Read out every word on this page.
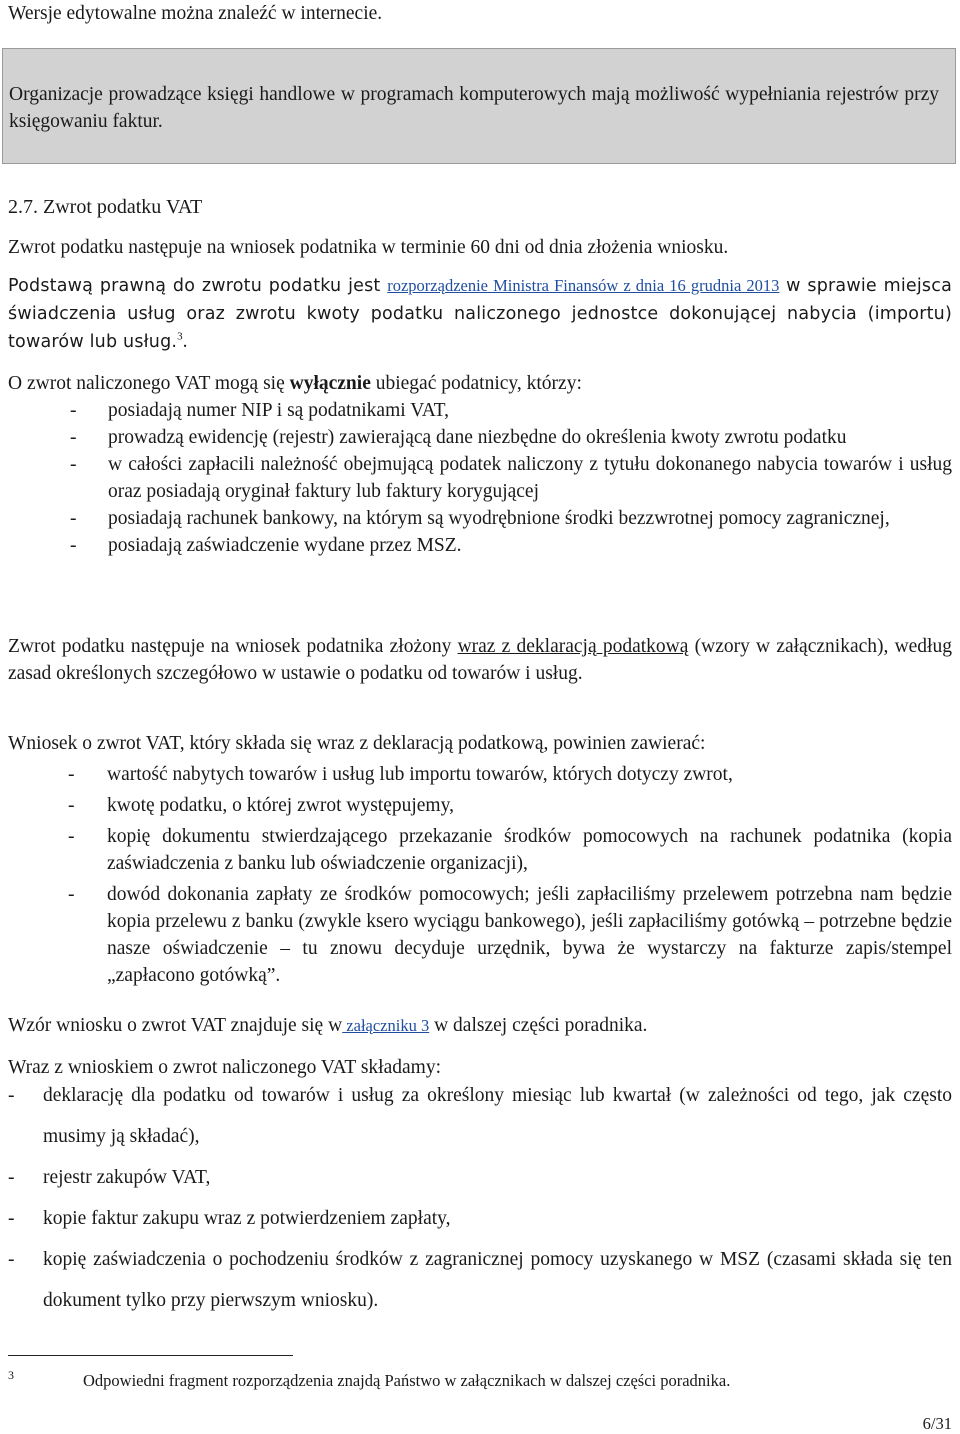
Wersje edytowalne można znaleźć w internecie.

Organizacje prowadzące księgi handlowe w programach komputerowych mają możliwość wypełniania rejestrów przy księgowaniu faktur.

2.7. Zwrot podatku VAT

Zwrot podatku następuje na wniosek podatnika w terminie 60 dni od dnia złożenia wniosku.

Podstawą prawną do zwrotu podatku jest rozporządzenie Ministra Finansów z dnia 16 grudnia 2013 w sprawie miejsca świadczenia usług oraz zwrotu kwoty podatku naliczonego jednostce dokonującej nabycia (importu) towarów lub usług.$^3$.

O zwrot naliczonego VAT mogą się wyłącznie ubiegać podatnicy, którzy:

- posiadają numer NIP i są podatnikami VAT,
- prowadzą ewidencję (rejestr) zawierającą dane niezbędne do określenia kwoty zwrotu podatku
- w całości zapłacili należność obejmującą podatek naliczony z tytułu dokonanego nabycia towarów i usług oraz posiadają oryginał faktury lub faktury korygującej
- posiadają rachunek bankowy, na którym są wyodrębnione środki bezzwrotnej pomocy zagranicznej,
- posiadają zaświadczenie wydane przez MSZ.

Zwrot podatku następuje na wniosek podatnika złożony wraz z deklaracją podatkową (wzory w załącznikach), według zasad określonych szczegółowo w ustawie o podatku od towarów i usług.

Wniosek o zwrot VAT, który składa się wraz z deklaracją podatkową, powinien zawierać:

- wartość nabytych towarów i usług lub importu towarów, których dotyczy zwrot,
- kwotę podatku, o której zwrot występujemy,
- kopię dokumentu stwierdzającego przekazanie środków pomocowych na rachunek podatnika (kopia zaświadczenia z banku lub oświadczenie organizacji),
- dowód dokonania zapłaty ze środków pomocowych; jeśli zapłaciliśmy przelewem potrzebna nam będzie kopia przelewu z banku (zwykle ksero wyciągu bankowego), jeśli zapłaciliśmy gotówką – potrzebne będzie nasze oświadczenie – tu znowu decyduje urzędnik, bywa że wystarczy na fakturze zapis/stempel „zapłacono gotówką”.

Wzór wniosku o zwrot VAT znajduje się w załączniku 3 w dalszej części poradnika.

Wraz z wnioskiem o zwrot naliczonego VAT składamy:

- deklarację dla podatku od towarów i usług za określony miesiąc lub kwartał (w zależności od tego, jak często musimy ją składać),
- rejestr zakupów VAT,
- kopie faktur zakupu wraz z potwierdzeniem zapłaty,
- kopię zaświadczenia o pochodzeniu środków z zagranicznej pomocy uzyskanego w MSZ (czasami składa się ten dokument tylko przy pierwszym wniosku).
3	Odpowiedni fragment rozporządzenia znajdą Państwo w załącznikach w dalszej części poradnika.
6/31
